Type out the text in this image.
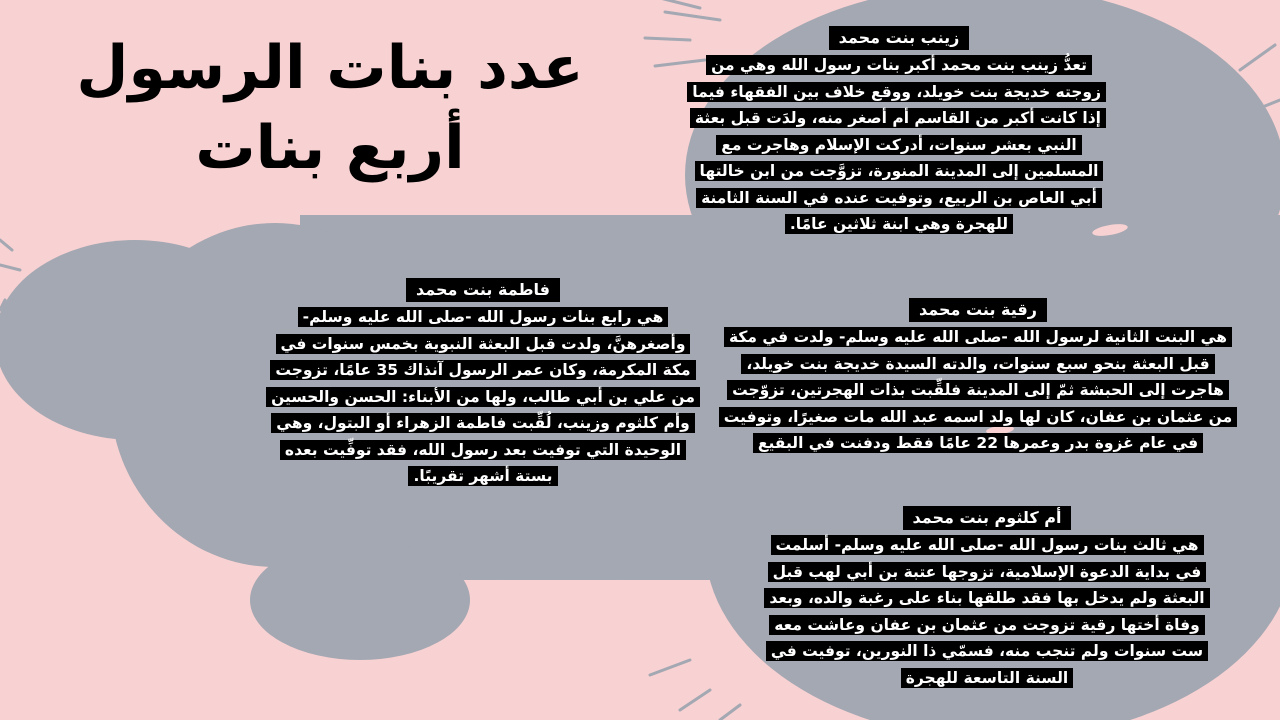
عدد بنات الرسول
أربع بنات
زينب بنت محمد

تعدُّ زينب بنت محمد أكبر بنات رسول الله وهي من زوجته خديجة بنت خويلد، ووقع خلاف بين الفقهاء فيما إذا كانت أكبر من القاسم أم أصغر منه، ولدَت قبل بعثة النبي بعشر سنوات، أدركت الإسلام وهاجرت مع المسلمين إلى المدينة المنورة، تزوَّجت من ابن خالتها أبي العاص بن الربيع، وتوفيت عنده في السنة الثامنة للهجرة وهي ابنة ثلاثين عامًا.

فاطمة بنت محمد

هي رابع بنات رسول الله -صلى الله عليه وسلم- وأصغرهنَّ، ولدت قبل البعثة النبوية بخمس سنوات في مكة المكرمة، وكان عمر الرسول آنذاك 35 عامًا، تزوجت من علي بن أبي طالب، ولها من الأبناء: الحسن والحسين وأم كلثوم وزينب، لُقِّبت فاطمة الزهراء أو البتول، وهي الوحيدة التي توفيت بعد رسول الله، فقد توفِّيت بعده بستة أشهر تقريبًا.

رقية بنت محمد

هي البنت الثانية لرسول الله -صلى الله عليه وسلم- ولدت في مكة قبل البعثة بنحو سبع سنوات، والدته السيدة خديجة بنت خويلد، هاجرت إلى الحبشة ثمّ إلى المدينة فلقِّبت بذات الهجرتين، تزوّجت من عثمان بن عفان، كان لها ولد اسمه عبد الله مات صغيرًا، وتوفيت في عام غزوة بدر وعمرها 22 عامًا فقط ودفنت في البقيع

أم كلثوم بنت محمد

هي ثالث بنات رسول الله -صلى الله عليه وسلم- أسلمت في بداية الدعوة الإسلامية، تزوجها عتبة بن أبي لهب قبل البعثة ولم يدخل بها فقد طلقها بناء على رغبة والده، وبعد وفاة أختها رقية تزوجت من عثمان بن عفان وعاشت معه ست سنوات ولم تنجب منه، فسمّي ذا النورين، توفيت في السنة التاسعة للهجرة
